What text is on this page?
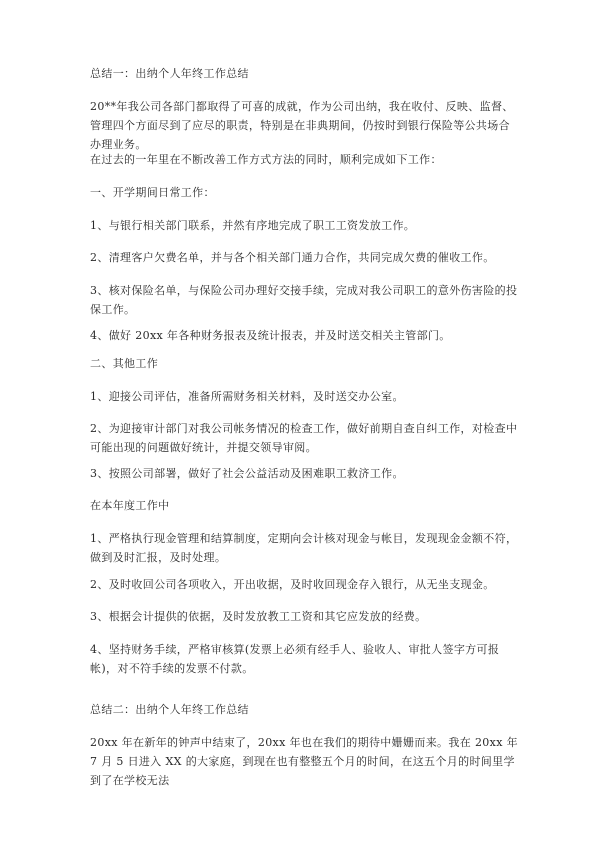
总结一：出纳个人年终工作总结

20**年我公司各部门都取得了可喜的成就，作为公司出纳，我在收付、反映、监督、管理四个方面尽到了应尽的职责，特别是在非典期间，仍按时到银行保险等公共场合办理业务。

在过去的一年里在不断改善工作方式方法的同时，顺利完成如下工作：

一、开学期间日常工作：

1、与银行相关部门联系，并然有序地完成了职工工资发放工作。

2、清理客户欠费名单，并与各个相关部门通力合作，共同完成欠费的催收工作。

3、核对保险名单，与保险公司办理好交接手续，完成对我公司职工的意外伤害险的投保工作。

4、做好 20xx 年各种财务报表及统计报表，并及时送交相关主管部门。

二、其他工作

1、迎接公司评估，准备所需财务相关材料，及时送交办公室。

2、为迎接审计部门对我公司帐务情况的检查工作，做好前期自查自纠工作，对检查中可能出现的问题做好统计，并提交领导审阅。

3、按照公司部署，做好了社会公益活动及困难职工救济工作。

在本年度工作中

1、严格执行现金管理和结算制度，定期向会计核对现金与帐目，发现现金金额不符，做到及时汇报，及时处理。

2、及时收回公司各项收入，开出收据，及时收回现金存入银行，从无坐支现金。

3、根据会计提供的依据，及时发放教工工资和其它应发放的经费。

4、坚持财务手续，严格审核算(发票上必须有经手人、验收人、审批人签字方可报帐)，对不符手续的发票不付款。

总结二：出纳个人年终工作总结

20xx 年在新年的钟声中结束了，20xx 年也在我们的期待中姗姗而来。我在 20xx 年 7 月 5 日进入 XX 的大家庭，到现在也有整整五个月的时间，在这五个月的时间里学到了在学校无法
